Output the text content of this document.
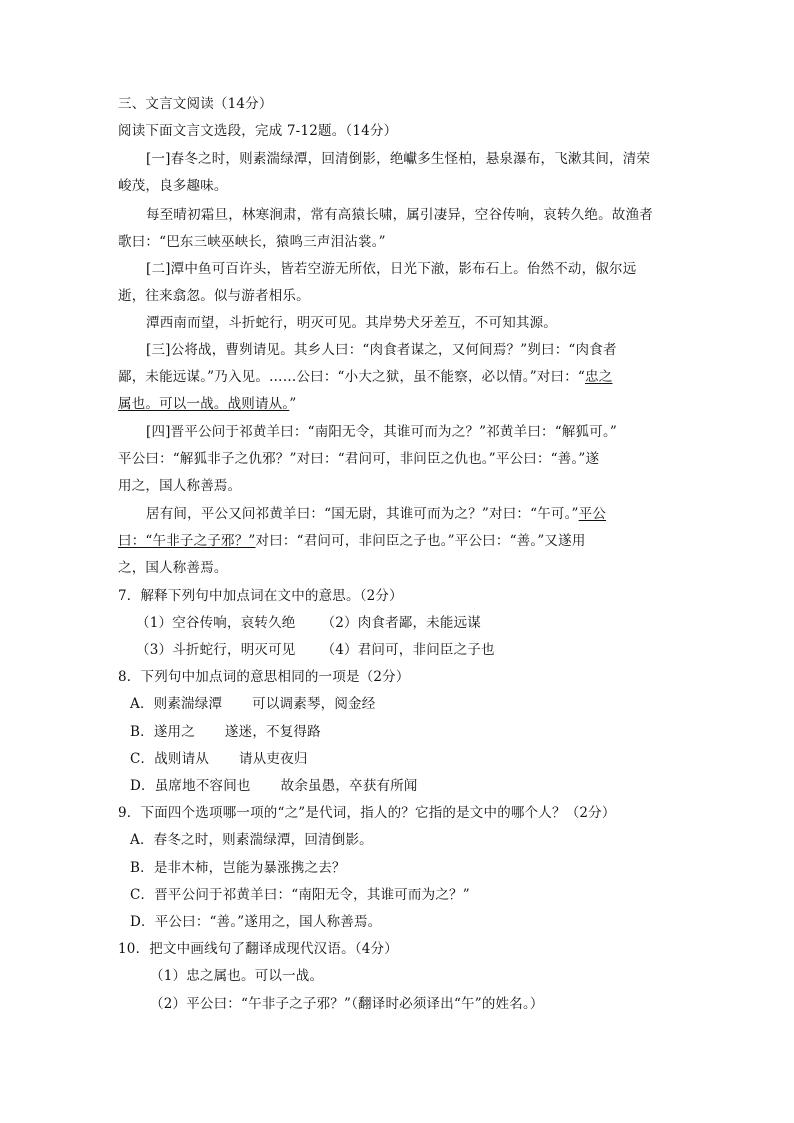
三、文言文阅读（14分）
阅读下面文言文选段，完成 7-12题。（14分）
[一]春冬之时，则素湍绿潭，回清倒影，绝巘多生怪柏，悬泉瀑布，飞漱其间，清荣
峻茂，良多趣味。
每至晴初霜旦，林寒涧肃，常有高猿长啸，属引凄异，空谷传响，哀转久绝。故渔者
歌曰：“巴东三峡巫峡长，猿鸣三声泪沾裳。”
[二]潭中鱼可百许头，皆若空游无所依，日光下澈，影布石上。佁然不动，俶尔远
逝，往来翕忽。似与游者相乐。
潭西南而望，斗折蛇行，明灭可见。其岸势犬牙差互，不可知其源。
[三]公将战，曹刿请见。其乡人曰：“肉食者谋之，又何间焉？”刿曰：“肉食者
鄙，未能远谋。”乃入见。……公曰：“小大之狱，虽不能察，必以情。”对曰：“忠之
属也。可以一战。战则请从。”
[四]晋平公问于祁黄羊曰：“南阳无令，其谁可而为之？”祁黄羊曰：“解狐可。”
平公曰：“解狐非子之仇邪？”对曰：“君问可，非问臣之仇也。”平公曰：“善。”遂
用之，国人称善焉。
居有间，平公又问祁黄羊曰：“国无尉，其谁可而为之？”对曰：“午可。”平公
曰：“午非子之子邪？”对曰：“君问可，非问臣之子也。”平公曰：“善。”又遂用
之，国人称善焉。
7．解释下列句中加点词在文中的意思。（2分）
（1）空谷传响，哀转久绝 （2）肉食者鄙，未能远谋
（3）斗折蛇行，明灭可见 （4）君问可，非问臣之子也
8．下列句中加点词的意思相同的一项是（2分）
A．则素湍绿潭 可以调素琴，阅金经
B．遂用之 遂迷，不复得路
C．战则请从 请从吏夜归
D．虽席地不容间也 故余虽愚，卒获有所闻
9．下面四个选项哪一项的“之”是代词，指人的？它指的是文中的哪个人？（2分）
A．春冬之时，则素湍绿潭，回清倒影。
B．是非木柿，岂能为暴涨携之去？
C．晋平公问于祁黄羊曰：“南阳无令，其谁可而为之？”
D．平公曰：“善。”遂用之，国人称善焉。
10．把文中画线句了翻译成现代汉语。（4分）
（1）忠之属也。可以一战。
（2）平公曰：“午非子之子邪？”（翻译时必须译出“午”的姓名。）
